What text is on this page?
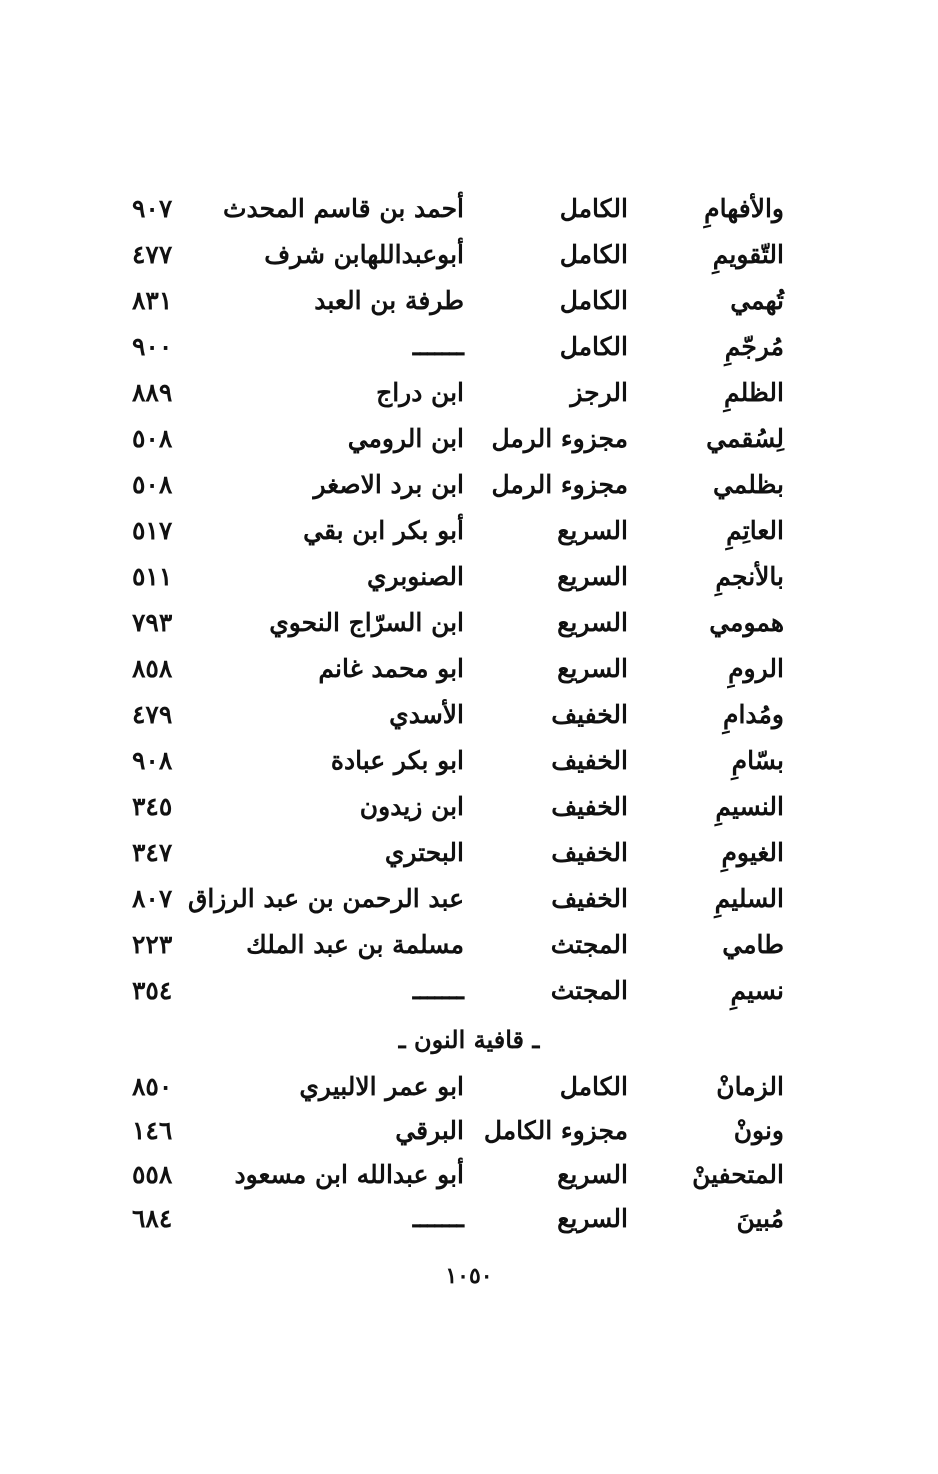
والأفهامِ
الكامل
أحمد بن قاسم المحدث
٩٠٧
التّقويمِ
الكامل
أبوعبداللهابن شرف
٤٧٧
تُهمي
الكامل
طرفة بن العبد
٨٣١
مُرجّمِ
الكامل
ـــــــ
٩٠٠
الظلمِ
الرجز
ابن دراج
٨٨٩
لِسُقمي
مجزوء الرمل
ابن الرومي
٥٠٨
بظلمي
مجزوء الرمل
ابن برد الاصغر
٥٠٨
العاتِمِ
السريع
أبو بكر ابن بقي
٥١٧
بالأنجمِ
السريع
الصنوبري
٥١١
همومي
السريع
ابن السرّاج النحوي
٧٩٣
الرومِ
السريع
ابو محمد غانم
٨٥٨
ومُدامِ
الخفيف
الأسدي
٤٧٩
بسّامِ
الخفيف
ابو بكر عبادة
٩٠٨
النسيمِ
الخفيف
ابن زيدون
٣٤٥
الغيومِ
الخفيف
البحتري
٣٤٧
السليمِ
الخفيف
عبد الرحمن بن عبد الرزاق
٨٠٧
طامي
المجتث
مسلمة بن عبد الملك
٢٢٣
نسيمِ
المجتث
ـــــــ
٣٥٤
ـ قافية النون ـ
الزمانْ
الكامل
ابو عمر الالبيري
٨٥٠
ونونْ
مجزوء الكامل
البرقي
١٤٦
المتحفينْ
السريع
أبو عبدالله ابن مسعود
٥٥٨
مُبينَ
السريع
ـــــــ
٦٨٤
١٠٥٠
